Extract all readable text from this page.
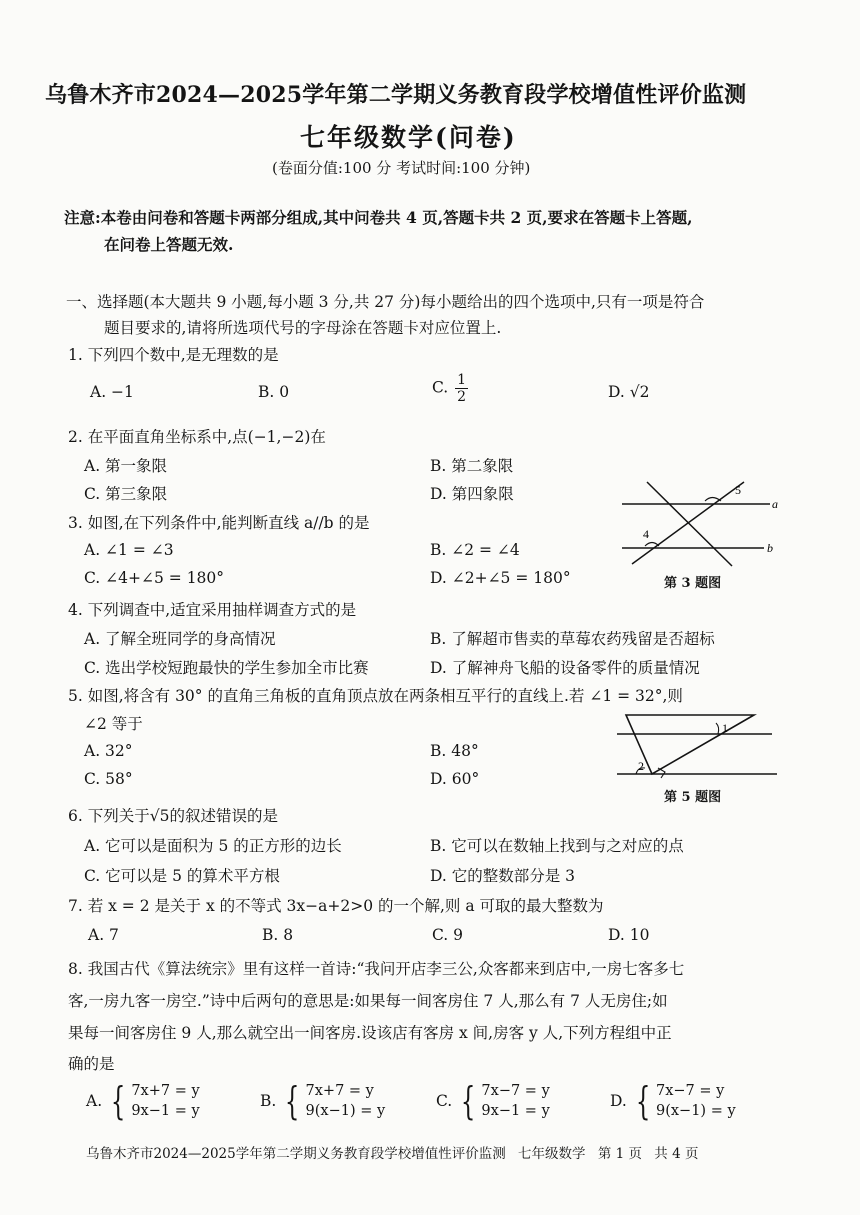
乌鲁木齐市2024—2025学年第二学期义务教育段学校增值性评价监测
七年级数学(问卷)
(卷面分值:100 分 考试时间:100 分钟)
注意:本卷由问卷和答题卡两部分组成,其中问卷共 4 页,答题卡共 2 页,要求在答题卡上答题,
在问卷上答题无效.
一、选择题(本大题共 9 小题,每小题 3 分,共 27 分)每小题给出的四个选项中,只有一项是符合
题目要求的,请将所选项代号的字母涂在答题卡对应位置上.
1. 下列四个数中,是无理数的是
A. −1	B. 0	C. $\frac{1}{2}$	D. √2
2. 在平面直角坐标系中,点(−1,−2)在
A. 第一象限	B. 第二象限
C. 第三象限	D. 第四象限
3. 如图,在下列条件中,能判断直线 a//b 的是
A. ∠1 = ∠3	B. ∠2 = ∠4
C. ∠4+∠5 = 180°	D. ∠2+∠5 = 180°
5
4
a
b
第 3 题图
4. 下列调查中,适宜采用抽样调查方式的是
A. 了解全班同学的身高情况	B. 了解超市售卖的草莓农药残留是否超标
C. 选出学校短跑最快的学生参加全市比赛	D. 了解神舟飞船的设备零件的质量情况
5. 如图,将含有 30° 的直角三角板的直角顶点放在两条相互平行的直线上.若 ∠1 = 32°,则
∠2 等于
A. 32°	B. 48°
C. 58°	D. 60°
1
2
第 5 题图
6. 下列关于√5的叙述错误的是
A. 它可以是面积为 5 的正方形的边长	B. 它可以在数轴上找到与之对应的点
C. 它可以是 5 的算术平方根	D. 它的整数部分是 3
7. 若 x = 2 是关于 x 的不等式 3x−a+2>0 的一个解,则 a 可取的最大整数为
A. 7	B. 8	C. 9	D. 10
8. 我国古代《算法统宗》里有这样一首诗:“我问开店李三公,众客都来到店中,一房七客多七
客,一房九客一房空.”诗中后两句的意思是:如果每一间客房住 7 人,那么有 7 人无房住;如
果每一间客房住 9 人,那么就空出一间客房.设该店有客房 x 间,房客 y 人,下列方程组中正
确的是
A. { 7x+7 = y
9x−1 = y
B. { 7x+7 = y
9(x−1) = y
C. { 7x−7 = y
9x−1 = y
D. { 7x−7 = y
9(x−1) = y
乌鲁木齐市2024—2025学年第二学期义务教育段学校增值性评价监测 七年级数学 第 1 页 共 4 页
